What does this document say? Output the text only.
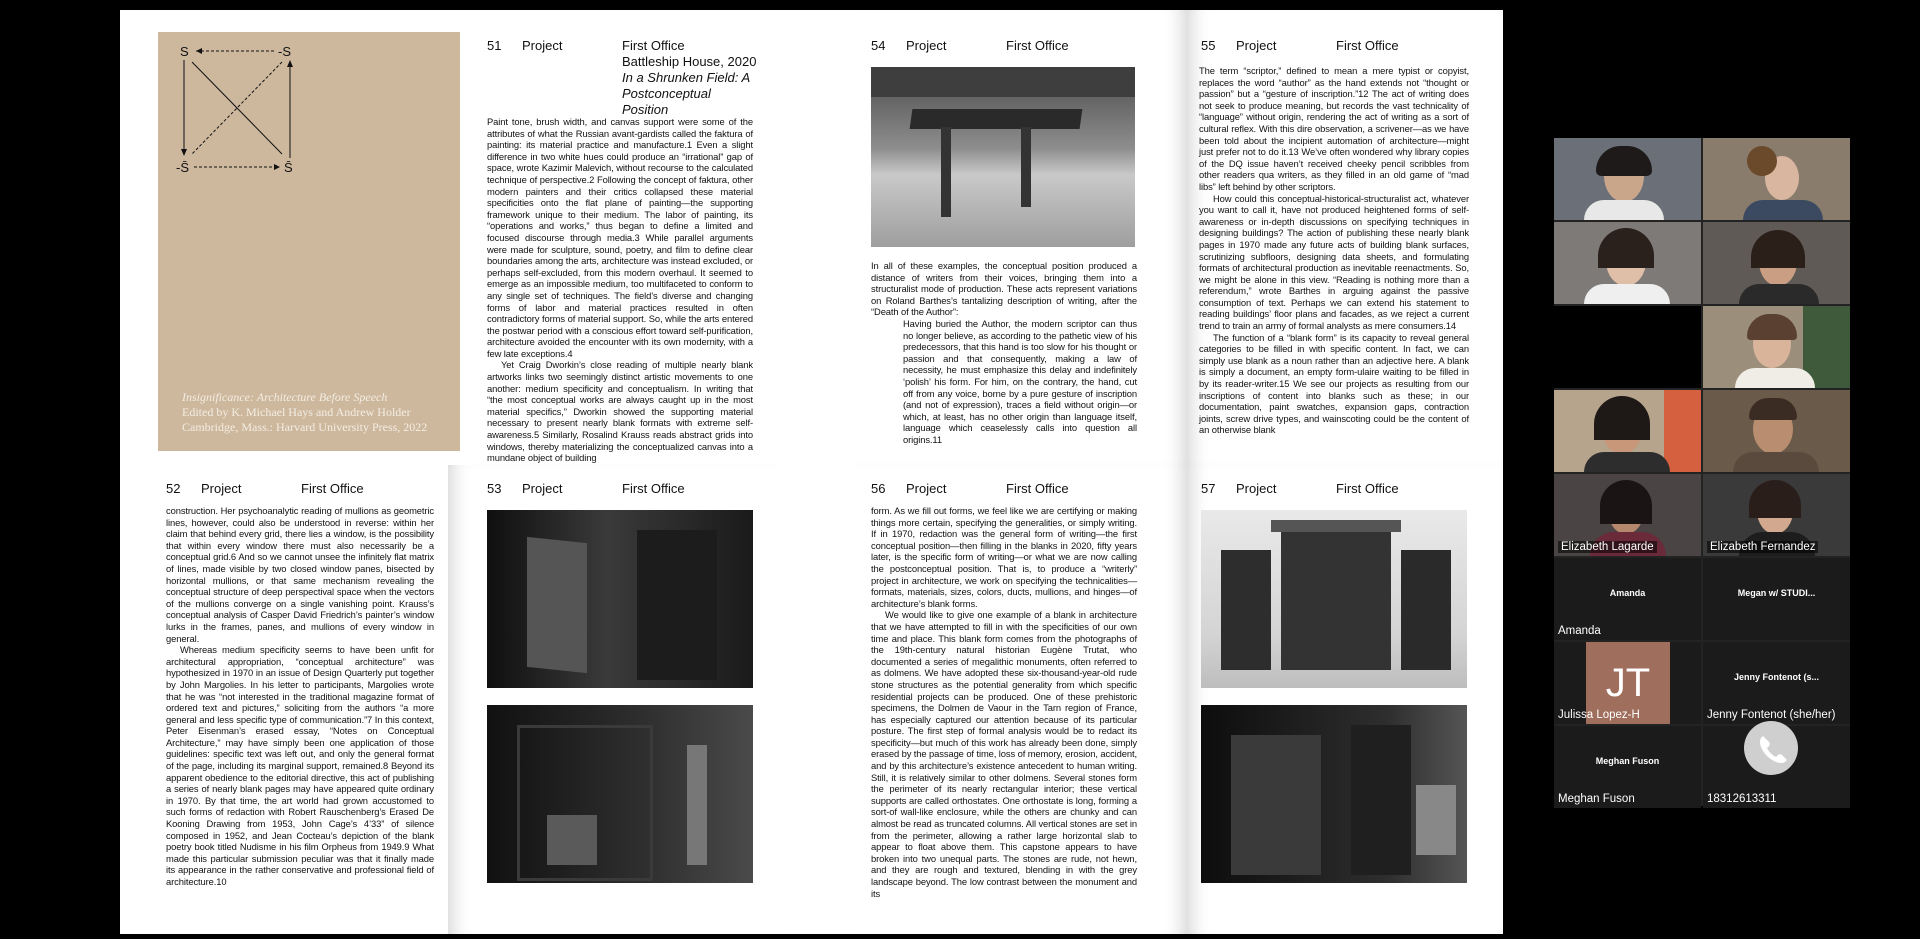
S	-S
-S̄	S̄
Insignificance: Architecture Before Speech
Edited by K. Michael Hays and Andrew Holder
Cambridge, Mass.: Harvard University Press, 2022
51 Project	First Office
Battleship House, 2020
In a Shrunken Field: A
Postconceptual Position

Paint tone, brush width, and canvas support were some of the attributes of what the Russian avant-gardists called the faktura of painting: its material practice and manufacture.1 Even a slight difference in two white hues could produce an “irrational” gap of space, wrote Kazimir Malevich, without recourse to the calculated technique of perspective.2 Following the concept of faktura, other modern painters and their critics collapsed these material specificities onto the flat plane of painting—the supporting framework unique to their medium. The labor of painting, its “operations and works,” thus began to define a limited and focused discourse through media.3 While parallel arguments were made for sculpture, sound, poetry, and film to define clear boundaries among the arts, architecture was instead excluded, or perhaps self-excluded, from this modern overhaul. It seemed to emerge as an impossible medium, too multifaceted to conform to any single set of techniques. The field’s diverse and changing forms of labor and material practices resulted in often contradictory forms of material support. So, while the arts entered the postwar period with a conscious effort toward self-purification, architecture avoided the encounter with its own modernity, with a few late exceptions.4

Yet Craig Dworkin’s close reading of multiple nearly blank artworks links two seemingly distinct artistic movements to one another: medium specificity and conceptualism. In writing that “the most conceptual works are always caught up in the most material specifics,” Dworkin showed the supporting material necessary to present nearly blank formats with extreme self-awareness.5 Similarly, Rosalind Krauss reads abstract grids into windows, thereby materializing the conceptualized canvas into a mundane object of building

54 Project	First Office

In all of these examples, the conceptual position produced a distance of writers from their voices, bringing them into a structuralist mode of production. These acts represent variations on Roland Barthes’s tantalizing description of writing, after the “Death of the Author”:

Having buried the Author, the modern scriptor can thus no longer believe, as according to the pathetic view of his predecessors, that this hand is too slow for his thought or passion and that consequently, making a law of necessity, he must emphasize this delay and indefinitely ‘polish’ his form. For him, on the contrary, the hand, cut off from any voice, borne by a pure gesture of inscription (and not of expression), traces a field without origin—or which, at least, has no other origin than language itself, language which ceaselessly calls into question all origins.11

55 Project	First Office

The term “scriptor,” defined to mean a mere typist or copyist, replaces the word “author” as the hand extends not “thought or passion” but a “gesture of inscription.”12 The act of writing does not seek to produce meaning, but records the vast technicality of “language” without origin, rendering the act of writing as a sort of cultural reflex. With this dire observation, a scrivener—as we have been told about the incipient automation of architecture—might just prefer not to do it.13 We’ve often wondered why library copies of the DQ issue haven’t received cheeky pencil scribbles from other readers qua writers, as they filled in an old game of “mad libs” left behind by other scriptors.

How could this conceptual-historical-structuralist act, whatever you want to call it, have not produced heightened forms of self-awareness or in-depth discussions on specifying techniques in designing buildings? The action of publishing these nearly blank pages in 1970 made any future acts of building blank surfaces, scrutinizing subfloors, designing data sheets, and formulating formats of architectural production as inevitable reenactments. So, we might be alone in this view. “Reading is nothing more than a referendum,” wrote Barthes in arguing against the passive consumption of text. Perhaps we can extend his statement to reading buildings’ floor plans and facades, as we reject a current trend to train an army of formal analysts as mere consumers.14

The function of a “blank form” is its capacity to reveal general categories to be filled in with specific content. In fact, we can simply use blank as a noun rather than an adjective here. A blank is simply a document, an empty form-ulaire waiting to be filled in by its reader-writer.15 We see our projects as resulting from our inscriptions of content into blanks such as these; in our documentation, paint swatches, expansion gaps, contraction joints, screw drive types, and wainscoting could be the content of an otherwise blank

52 Project	First Office

construction. Her psychoanalytic reading of mullions as geometric lines, however, could also be understood in reverse: within her claim that behind every grid, there lies a window, is the possibility that within every window there must also necessarily be a conceptual grid.6 And so we cannot unsee the infinitely flat matrix of lines, made visible by two closed window panes, bisected by horizontal mullions, or that same mechanism revealing the conceptual structure of deep perspectival space when the vectors of the mullions converge on a single vanishing point. Krauss’s conceptual analysis of Casper David Friedrich’s painter’s window lurks in the frames, panes, and mullions of every window in general.

Whereas medium specificity seems to have been unfit for architectural appropriation, “conceptual architecture” was hypothesized in 1970 in an issue of Design Quarterly put together by John Margolies. In his letter to participants, Margolies wrote that he was “not interested in the traditional magazine format of ordered text and pictures,” soliciting from the authors “a more general and less specific type of communication.”7 In this context, Peter Eisenman’s erased essay, “Notes on Conceptual Architecture,” may have simply been one application of those guidelines: specific text was left out, and only the general format of the page, including its marginal support, remained.8 Beyond its apparent obedience to the editorial directive, this act of publishing a series of nearly blank pages may have appeared quite ordinary in 1970. By that time, the art world had grown accustomed to such forms of redaction with Robert Rauschenberg’s Erased De Kooning Drawing from 1953, John Cage’s 4’33” of silence composed in 1952, and Jean Cocteau’s depiction of the blank poetry book titled Nudisme in his film Orpheus from 1949.9 What made this particular submission peculiar was that it finally made its appearance in the rather conservative and professional field of architecture.10

53 Project	First Office	56 Project	First Office

form. As we fill out forms, we feel like we are certifying or making things more certain, specifying the generalities, or simply writing. If in 1970, redaction was the general form of writing—the first conceptual position—then filling in the blanks in 2020, fifty years later, is the specific form of writing—or what we are now calling the postconceptual position. That is, to produce a “writerly” project in architecture, we work on specifying the technicalities—formats, materials, sizes, colors, ducts, mullions, and hinges—of architecture’s blank forms.

We would like to give one example of a blank in architecture that we have attempted to fill in with the specificities of our own time and place. This blank form comes from the photographs of the 19th-century natural historian Eugène Trutat, who documented a series of megalithic monuments, often referred to as dolmens. We have adopted these six-thousand-year-old rude stone structures as the potential generality from which specific residential projects can be produced. One of these prehistoric specimens, the Dolmen de Vaour in the Tarn region of France, has especially captured our attention because of its particular posture. The first step of formal analysis would be to redact its specificity—but much of this work has already been done, simply erased by the passage of time, loss of memory, erosion, accident, and by this architecture’s existence antecedent to human writing. Still, it is relatively similar to other dolmens. Several stones form the perimeter of its nearly rectangular interior; these vertical supports are called orthostates. One orthostate is long, forming a sort-of wall-like enclosure, while the others are chunky and can almost be read as truncated columns. All vertical stones are set in from the perimeter, allowing a rather large horizontal slab to appear to float above them. This capstone appears to have broken into two unequal parts. The stones are rude, not hewn, and they are rough and textured, blending in with the grey landscape beyond. The low contrast between the monument and its

57 Project	First Office
Elizabeth Lagarde	Elizabeth Fernandez
Amanda
Amanda
Megan w/ STUDI...
JT
Julissa Lopez-H
Jenny Fontenot (s...
Jenny Fontenot (she/her)
Meghan Fuson
Meghan Fuson	18312613311
